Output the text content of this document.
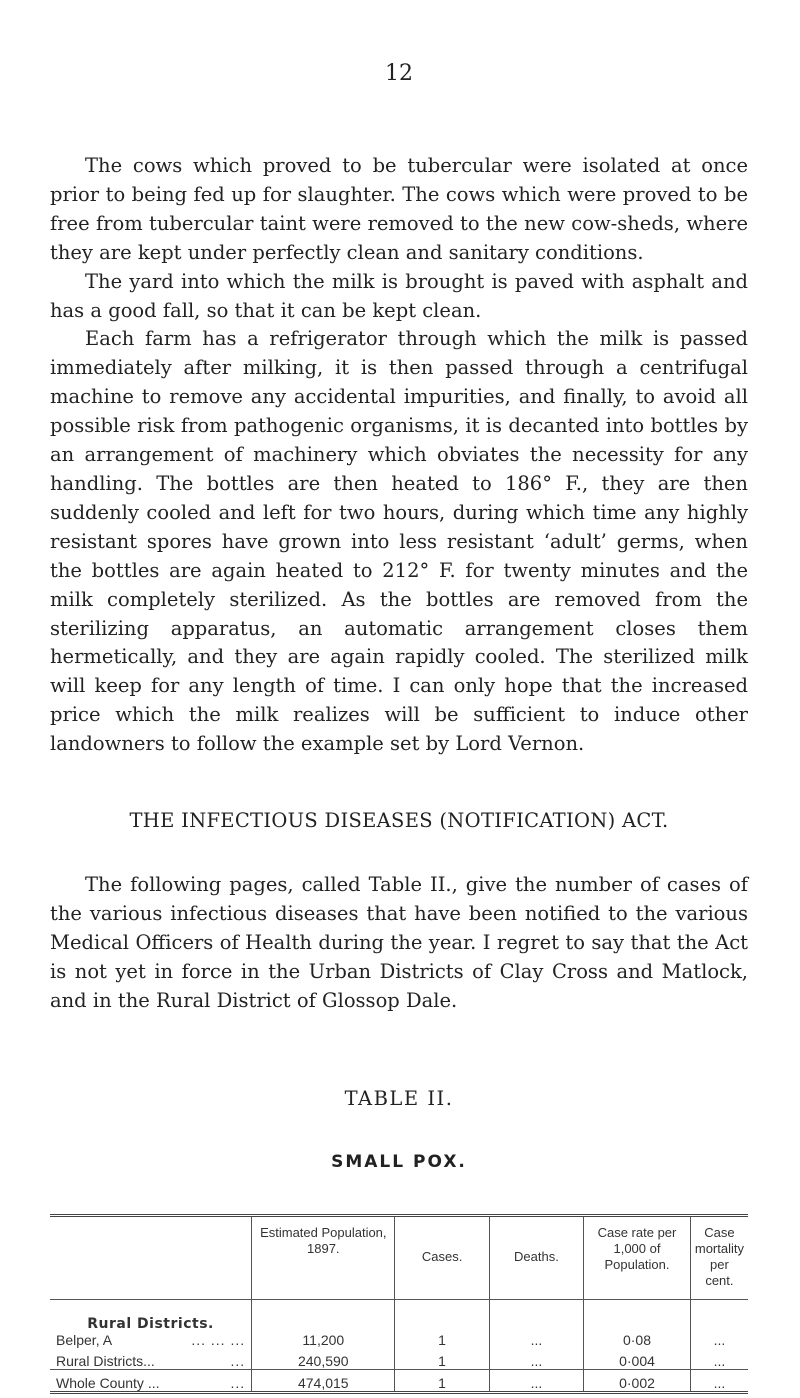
12

The cows which proved to be tubercular were isolated at once prior to being fed up for slaughter. The cows which were proved to be free from tubercular taint were removed to the new cow-sheds, where they are kept under perfectly clean and sanitary conditions.

The yard into which the milk is brought is paved with asphalt and has a good fall, so that it can be kept clean.

Each farm has a refrigerator through which the milk is passed immediately after milking, it is then passed through a centrifugal machine to remove any accidental impurities, and finally, to avoid all possible risk from pathogenic organisms, it is decanted into bottles by an arrangement of machinery which obviates the necessity for any handling. The bottles are then heated to 186° F., they are then suddenly cooled and left for two hours, during which time any highly resistant spores have grown into less resistant ‘adult’ germs, when the bottles are again heated to 212° F. for twenty minutes and the milk completely sterilized. As the bottles are removed from the sterilizing apparatus, an automatic arrangement closes them hermetically, and they are again rapidly cooled. The sterilized milk will keep for any length of time. I can only hope that the increased price which the milk realizes will be sufficient to induce other landowners to follow the example set by Lord Vernon.

THE INFECTIOUS DISEASES (NOTIFICATION) ACT.

The following pages, called Table II., give the number of cases of the various infectious diseases that have been notified to the various Medical Officers of Health during the year. I regret to say that the Act is not yet in force in the Urban Districts of Clay Cross and Matlock, and in the Rural District of Glossop Dale.

TABLE II.
SMALL POX.
	Estimated Population, 1897.	Cases.	Deaths.	Case rate per 1,000 of Population.	Case mortality per cent.

Rural Districts.
Belper, A ... ... ...	11,200	1	...	0·08	...

Rural Districts... ...	240,590	1	...	0·004	...

Whole County ... ...	474,015	1	...	0·002	...
